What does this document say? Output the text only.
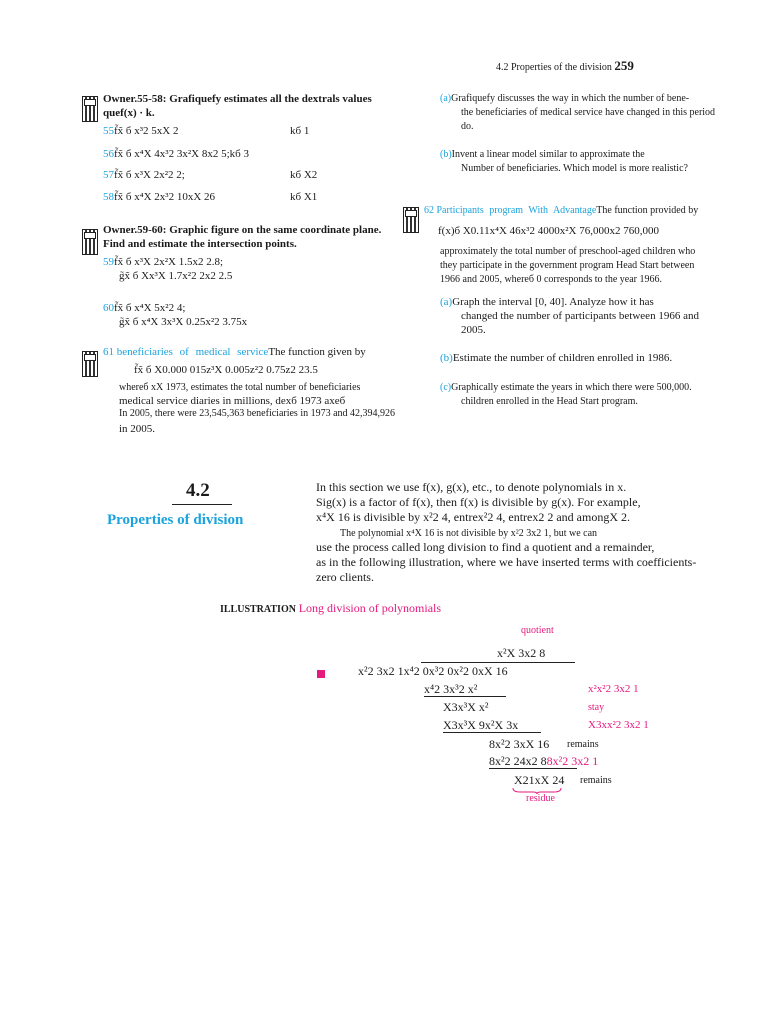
4.2 Properties of the division 259
Owner.55-58: Grafiquefy estimates all the dextrals values
quef(x) · k.
55f̃x̃ б x³2 5xX 2	kб 1
56f̃x̃ б x⁴X 4x³2 3x²X 8x2 5;kб 3
57f̃x̃ б x³X 2x²2 2;	kб X2
58f̃x̃ б x⁴X 2x³2 10xX 26	kб X1
Owner.59-60: Graphic figure on the same coordinate plane.
Find and estimate the intersection points.
59f̃x̃ б x³X 2x²X 1.5x2 2.8;
g̃x̃ б Xx³X 1.7x²2 2x2 2.5
60f̃x̃ б x⁴X 5x²2 4;
g̃x̃ б x⁴X 3x³X 0.25x²2 3.75x
61 beneficiaries of medical serviceThe function given by
f̃x̃ б X0.000 015z³X 0.005z²2 0.75z2 23.5
whereб xX 1973, estimates the total number of beneficiaries
medical service diaries in millions, dexб 1973 axeб
In 2005, there were 23,545,363 beneficiaries in 1973 and 42,394,926
in 2005.
(a)Grafiquefy discusses the way in which the number of bene-
the beneficiaries of medical service have changed in this period
do.
(b)Invent a linear model similar to approximate the
Number of beneficiaries. Which model is more realistic?
62 Participants program With AdvantageThe function provided by
f(x)б X0.11x⁴X 46x³2 4000x²X 76,000x2 760,000
approximately the total number of preschool-aged children who
they participate in the government program Head Start between
1966 and 2005, whereб 0 corresponds to the year 1966.
(a)Graph the interval [0, 40]. Analyze how it has
changed the number of participants between 1966 and
2005.
(b)Estimate the number of children enrolled in 1986.
(c)Graphically estimate the years in which there were 500,000.
children enrolled in the Head Start program.
4.2
Properties of division
In this section we use f(x), g(x), etc., to denote polynomials in x.
Sig(x) is a factor of f(x), then f(x) is divisible by g(x). For example,
x⁴X 16 is divisible by x²2 4, entrex²2 4, entrex2 2 and amongX 2.
The polynomial x⁴X 16 is not divisible by x²2 3x2 1, but we can
use the process called long division to find a quotient and a remainder,
as in the following illustration, where we have inserted terms with coefficients-
zero clients.
ILLUSTRATION Long division of polynomials
quotient
x²X 3x2 8
x²2 3x2 1x⁴2 0x³2 0x²2 0xX 16
x⁴2 3x³2 x²	x²x²2 3x2 1
X3x³X x²	stay
X3x³X 9x²X 3x	X3xx²2 3x2 1
8x²2 3xX 16 remains
8x²2 24x2 88x²2 3x2 1
X21xX 24 remains
residue
